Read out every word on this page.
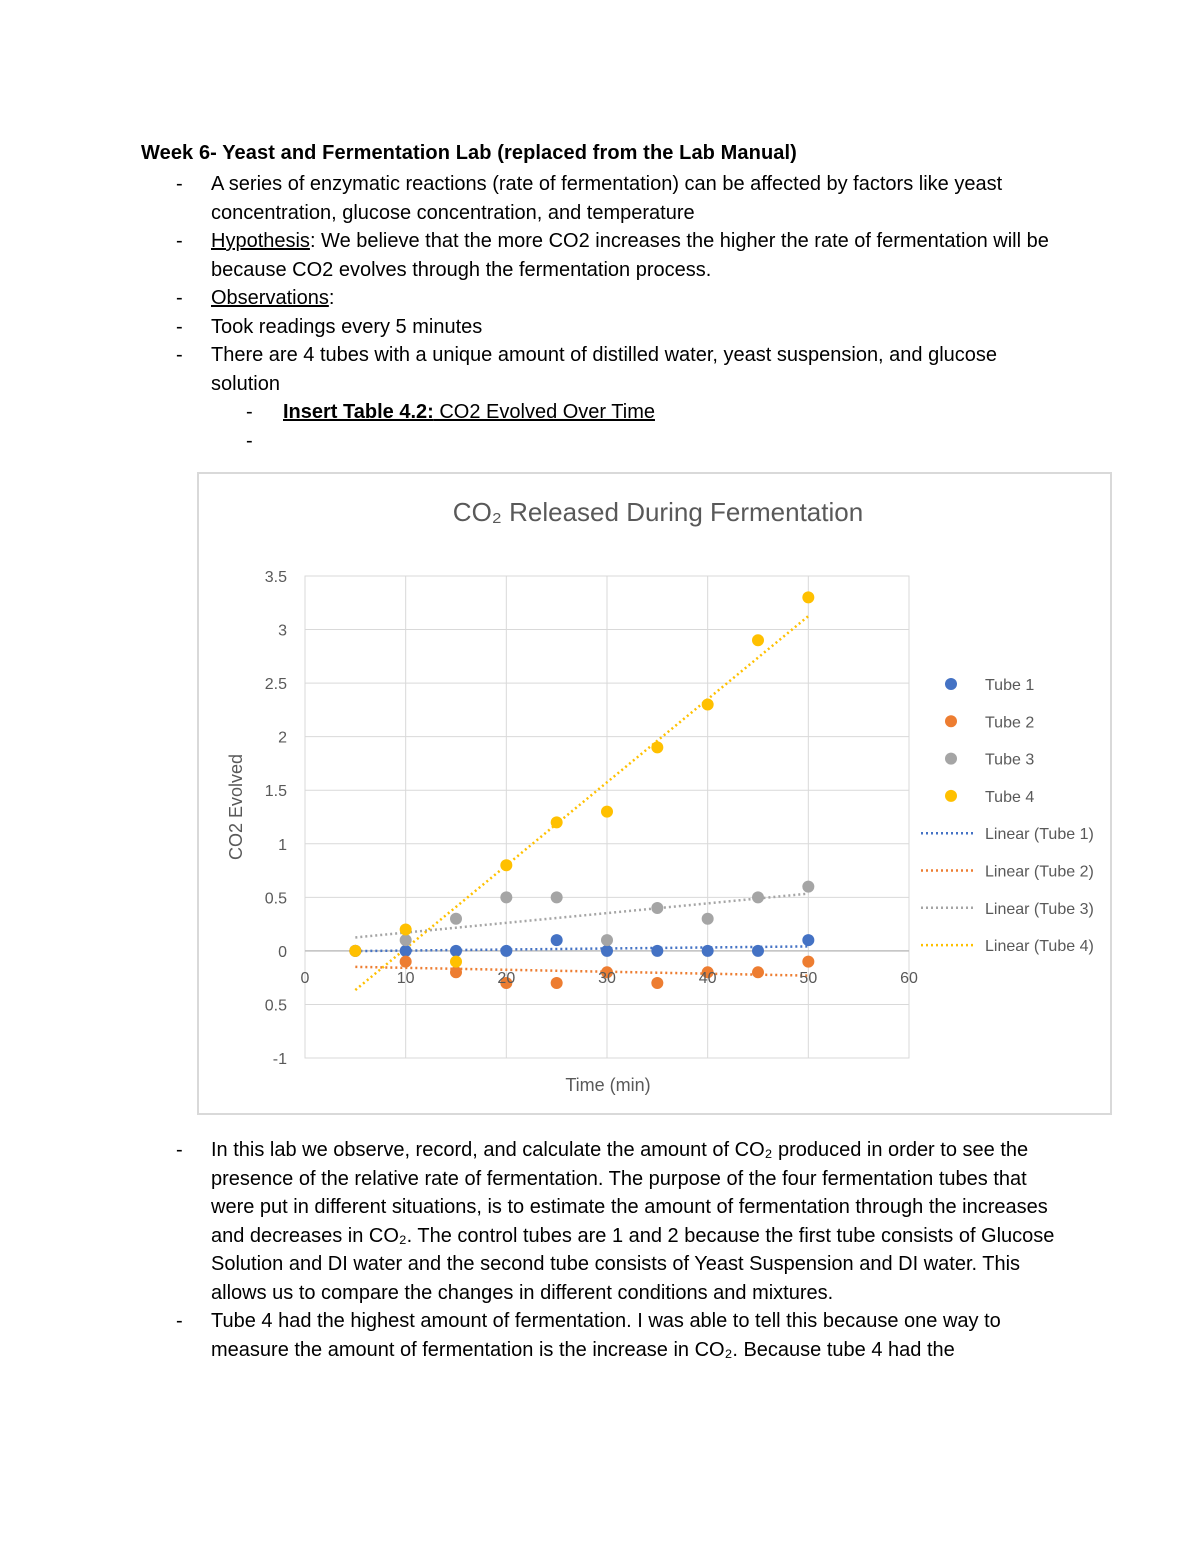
Week 6- Yeast and Fermentation Lab (replaced from the Lab Manual)

- A series of enzymatic reactions (rate of fermentation) can be affected by factors like yeast concentration, glucose concentration, and temperature
- Hypothesis: We believe that the more CO2 increases the higher the rate of fermentation will be because CO2 evolves through the fermentation process.
- Observations:
- Took readings every 5 minutes
- There are 4 tubes with a unique amount of distilled water, yeast suspension, and glucose solution
- Insert Table 4.2: CO2 Evolved Over Time
-
CO₂ Released During Fermentation
0	10	20	30	40	50	60
3.5
3
2.5
2
1.5
1
0.5
0
0.5
-1
Time (min)
CO2 Evolved
Tube 1
Tube 2
Tube 3
Tube 4
Linear (Tube 1)
Linear (Tube 2)
Linear (Tube 3)
Linear (Tube 4)
- In this lab we observe, record, and calculate the amount of CO₂ produced in order to see the presence of the relative rate of fermentation. The purpose of the four fermentation tubes that were put in different situations, is to estimate the amount of fermentation through the increases and decreases in CO₂. The control tubes are 1 and 2 because the first tube consists of Glucose Solution and DI water and the second tube consists of Yeast Suspension and DI water. This allows us to compare the changes in different conditions and mixtures.
- Tube 4 had the highest amount of fermentation. I was able to tell this because one way to measure the amount of fermentation is the increase in CO₂. Because tube 4 had the
